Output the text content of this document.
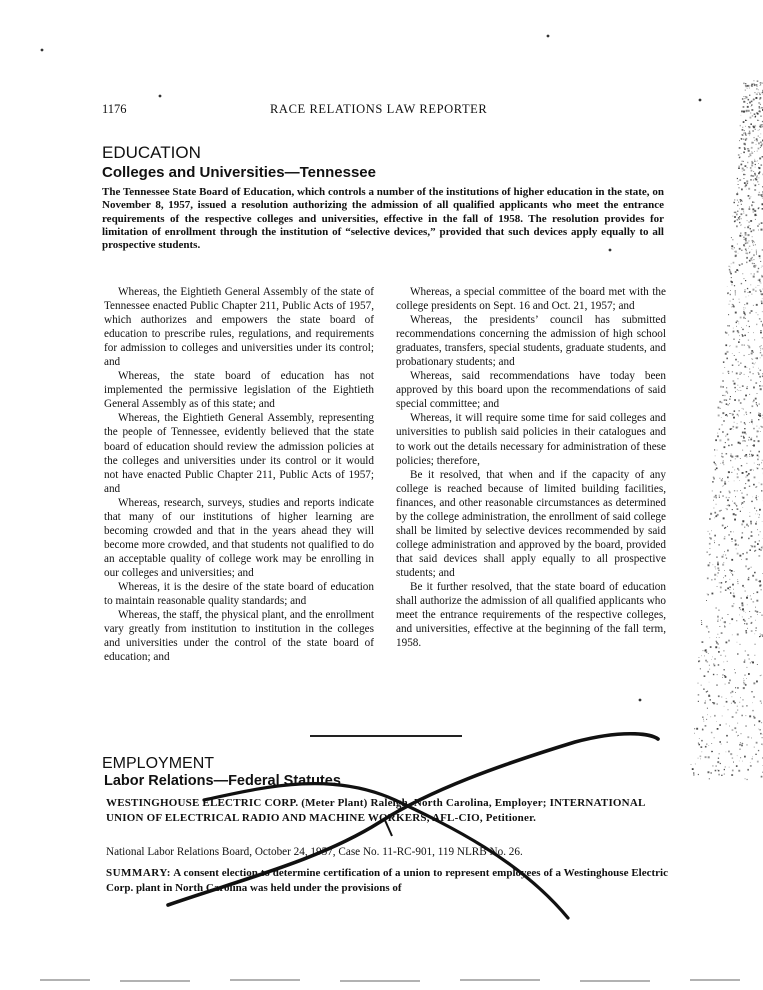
1176	RACE RELATIONS LAW REPORTER
EDUCATION
Colleges and Universities—Tennessee
The Tennessee State Board of Education, which controls a number of the institutions of higher education in the state, on November 8, 1957, issued a resolution authorizing the admission of all qualified applicants who meet the entrance requirements of the respective colleges and universities, effective in the fall of 1958. The resolution provides for limitation of enrollment through the institution of “selective devices,” provided that such devices apply equally to all prospective students.

Whereas, the Eightieth General Assembly of the state of Tennessee enacted Public Chapter 211, Public Acts of 1957, which authorizes and empowers the state board of education to prescribe rules, regulations, and requirements for admission to colleges and universities under its control; and

Whereas, the state board of education has not implemented the permissive legislation of the Eightieth General Assembly as of this state; and

Whereas, the Eightieth General Assembly, representing the people of Tennessee, evidently believed that the state board of education should review the admission policies at the colleges and universities under its control or it would not have enacted Public Chapter 211, Public Acts of 1957; and

Whereas, research, surveys, studies and reports indicate that many of our institutions of higher learning are becoming crowded and that in the years ahead they will become more crowded, and that students not qualified to do an acceptable quality of college work may be enrolling in our colleges and universities; and

Whereas, it is the desire of the state board of education to maintain reasonable quality standards; and

Whereas, the staff, the physical plant, and the enrollment vary greatly from institution to institution in the colleges and universities under the control of the state board of education; and

Whereas, a special committee of the board met with the college presidents on Sept. 16 and Oct. 21, 1957; and

Whereas, the presidents’ council has submitted recommendations concerning the admission of high school graduates, transfers, special students, graduate students, and probationary students; and

Whereas, said recommendations have today been approved by this board upon the recommendations of said special committee; and

Whereas, it will require some time for said colleges and universities to publish said policies in their catalogues and to work out the details necessary for administration of these policies; therefore,

Be it resolved, that when and if the capacity of any college is reached because of limited building facilities, finances, and other reasonable circumstances as determined by the college administration, the enrollment of said college shall be limited by selective devices recommended by said college administration and approved by the board, provided that said devices shall apply equally to all prospective students; and

Be it further resolved, that the state board of education shall authorize the admission of all qualified applicants who meet the entrance requirements of the respective colleges, and universities, effective at the beginning of the fall term, 1958.

EMPLOYMENT
Labor Relations—Federal Statutes
WESTINGHOUSE ELECTRIC CORP. (Meter Plant) Raleigh, North Carolina, Employer; INTERNATIONAL UNION OF ELECTRICAL RADIO AND MACHINE WORKERS, AFL-CIO, Petitioner.
National Labor Relations Board, October 24, 1957, Case No. 11-RC-901, 119 NLRB No. 26.
SUMMARY: A consent election to determine certification of a union to represent employees of a Westinghouse Electric Corp. plant in North Carolina was held under the provisions of
